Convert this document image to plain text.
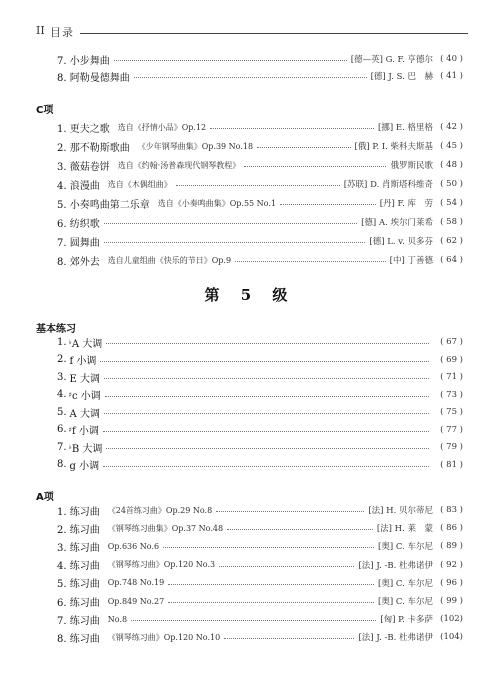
II 目录
7. 小步舞曲	[德—英] G. F. 亨德尔 ( 40 )
8. 阿勒曼德舞曲	[德] J. S. 巴　赫 ( 41 )
C项
1. 更夫之歌 选自《抒情小品》Op.12	[挪] E. 格里格 ( 42 )
2. 那不勒斯歌曲 《少年钢琴曲集》Op.39 No.18	[俄] P. I. 柴科夫斯基 ( 45 )
3. 薇菇卷饼 选自《约翰·汤普森现代钢琴教程》	俄罗斯民歌 ( 48 )
4. 浪漫曲 选自《木偶组曲》	[苏联] D. 肖斯塔科维奇 ( 50 )
5. 小奏鸣曲第二乐章 选自《小奏鸣曲集》Op.55 No.1	[丹] F. 库　劳 ( 54 )
6. 纺织歌	[德] A. 埃尔门莱希 ( 58 )
7. 圆舞曲	[德] L. v. 贝多芬 ( 62 )
8. 郊外去 选自儿童组曲《快乐的节日》Op.9	[中] 丁善德 ( 64 )
第 5 级
基本练习
1. ♭ A 大调	( 67 )
2. f 小调	( 69 )
3. E 大调	( 71 )
4. ♯ c 小调	( 73 )
5. A 大调	( 75 )
6. ♯ f 小调	( 77 )
7. ♭ B 大调	( 79 )
8. g 小调	( 81 )
A项
1. 练习曲 《24首练习曲》Op.29 No.8	[法] H. 贝尔蒂尼 ( 83 )
2. 练习曲 《钢琴练习曲集》Op.37 No.48	[法] H. 莱　蒙 ( 86 )
3. 练习曲 Op.636 No.6	[奥] C. 车尔尼 ( 89 )
4. 练习曲 《钢琴练习曲》Op.120 No.3	[法] J. -B. 杜弗诺伊 ( 92 )
5. 练习曲 Op.748 No.19	[奥] C. 车尔尼 ( 96 )
6. 练习曲 Op.849 No.27	[奥] C. 车尔尼 ( 99 )
7. 练习曲 No.8	[匈] P. 卡多萨 (102)
8. 练习曲 《钢琴练习曲》Op.120 No.10	[法] J. -B. 杜弗诺伊 (104)
